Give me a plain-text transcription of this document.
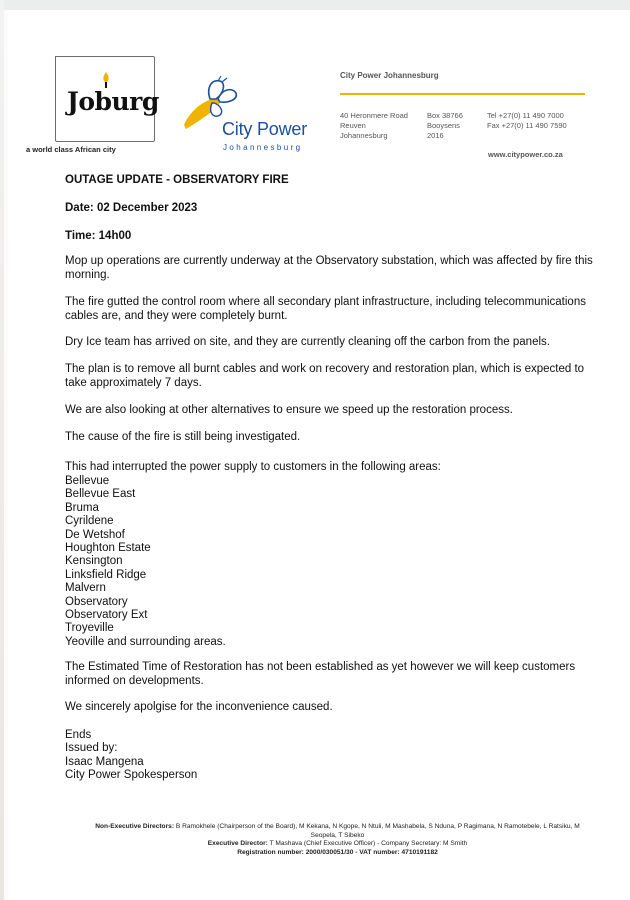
Joburg
a world class African city
City Power
Johannesburg
City Power Johannesburg
40 Heronmere Road
Reuven
Johannesburg
Box 38766
Booysens
2016
Tel +27(0) 11 490 7000
Fax +27(0) 11 490 7590
www.citypower.co.za
OUTAGE UPDATE - OBSERVATORY FIRE
Date: 02 December 2023
Time: 14h00
Mop up operations are currently underway at the Observatory substation, which was affected by fire this morning.
The fire gutted the control room where all secondary plant infrastructure, including telecommunications cables are, and they were completely burnt.
Dry Ice team has arrived on site, and they are currently cleaning off the carbon from the panels.
The plan is to remove all burnt cables and work on recovery and restoration plan, which is expected to take approximately 7 days.
We are also looking at other alternatives to ensure we speed up the restoration process.
The cause of the fire is still being investigated.
This had interrupted the power supply to customers in the following areas:
Bellevue
Bellevue East
Bruma
Cyrildene
De Wetshof
Houghton Estate
Kensington
Linksfield Ridge
Malvern
Observatory
Observatory Ext
Troyeville
Yeoville and surrounding areas.
The Estimated Time of Restoration has not been established as yet however we will keep customers informed on developments.
We sincerely apolgise for the inconvenience caused.
Ends
Issued by:
Isaac Mangena
City Power Spokesperson
Non-Executive Directors: B Ramokhele (Chairperson of the Board), M Kekana, N Kgope, N Ntuli, M Mashabela, S Nduna, P Ragimana, N Ramotebele, L Ratsiku, M Seopela, T Sibeko
Executive Director: T Mashava (Chief Executive Officer) - Company Secretary: M Smith
Registration number: 2000/030051/30 - VAT number: 4710191182
